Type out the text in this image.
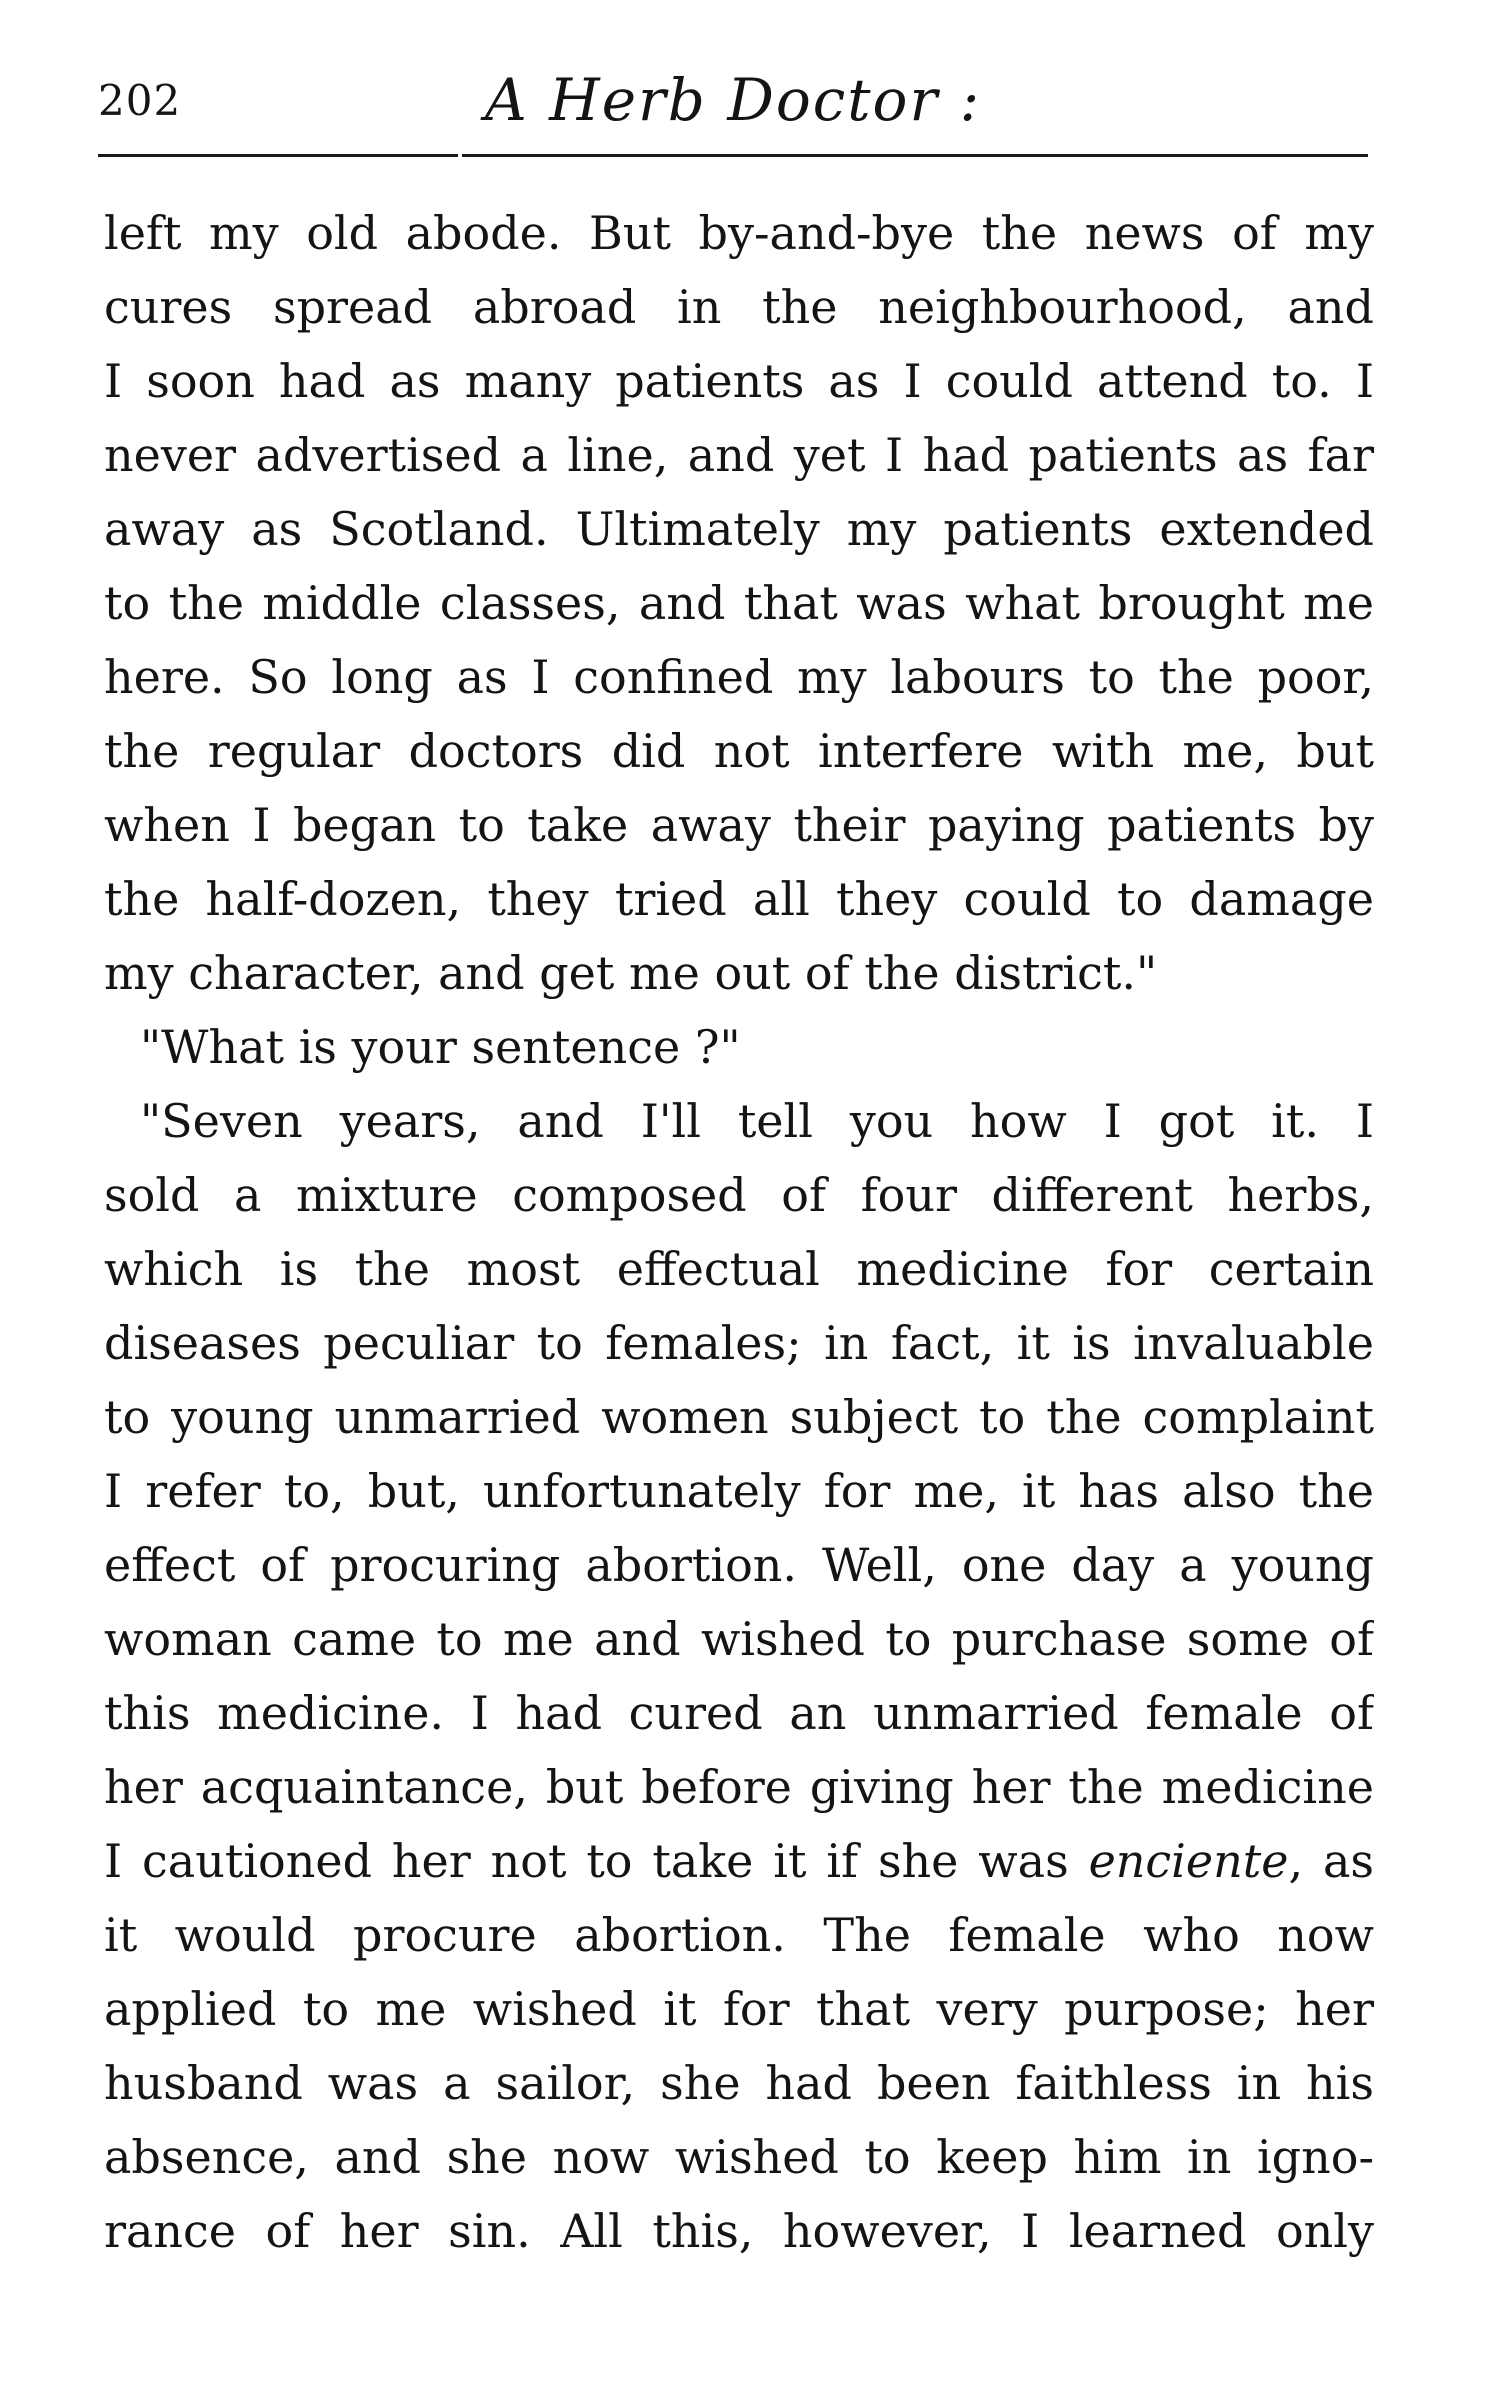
202	A Herb Doctor :
left my old abode. But by-and-bye the news of my
cures spread abroad in the neighbourhood, and
I soon had as many patients as I could attend to. I
never advertised a line, and yet I had patients as far
away as Scotland. Ultimately my patients extended
to the middle classes, and that was what brought me
here. So long as I confined my labours to the poor,
the regular doctors did not interfere with me, but
when I began to take away their paying patients by
the half-dozen, they tried all they could to damage
my character, and get me out of the district."
"What is your sentence ?"
"Seven years, and I'll tell you how I got it. I
sold a mixture composed of four different herbs,
which is the most effectual medicine for certain
diseases peculiar to females; in fact, it is invaluable
to young unmarried women subject to the complaint
I refer to, but, unfortunately for me, it has also the
effect of procuring abortion. Well, one day a young
woman came to me and wished to purchase some of
this medicine. I had cured an unmarried female of
her acquaintance, but before giving her the medicine
I cautioned her not to take it if she was enciente, as
it would procure abortion. The female who now
applied to me wished it for that very purpose; her
husband was a sailor, she had been faithless in his
absence, and she now wished to keep him in igno-
rance of her sin. All this, however, I learned only
